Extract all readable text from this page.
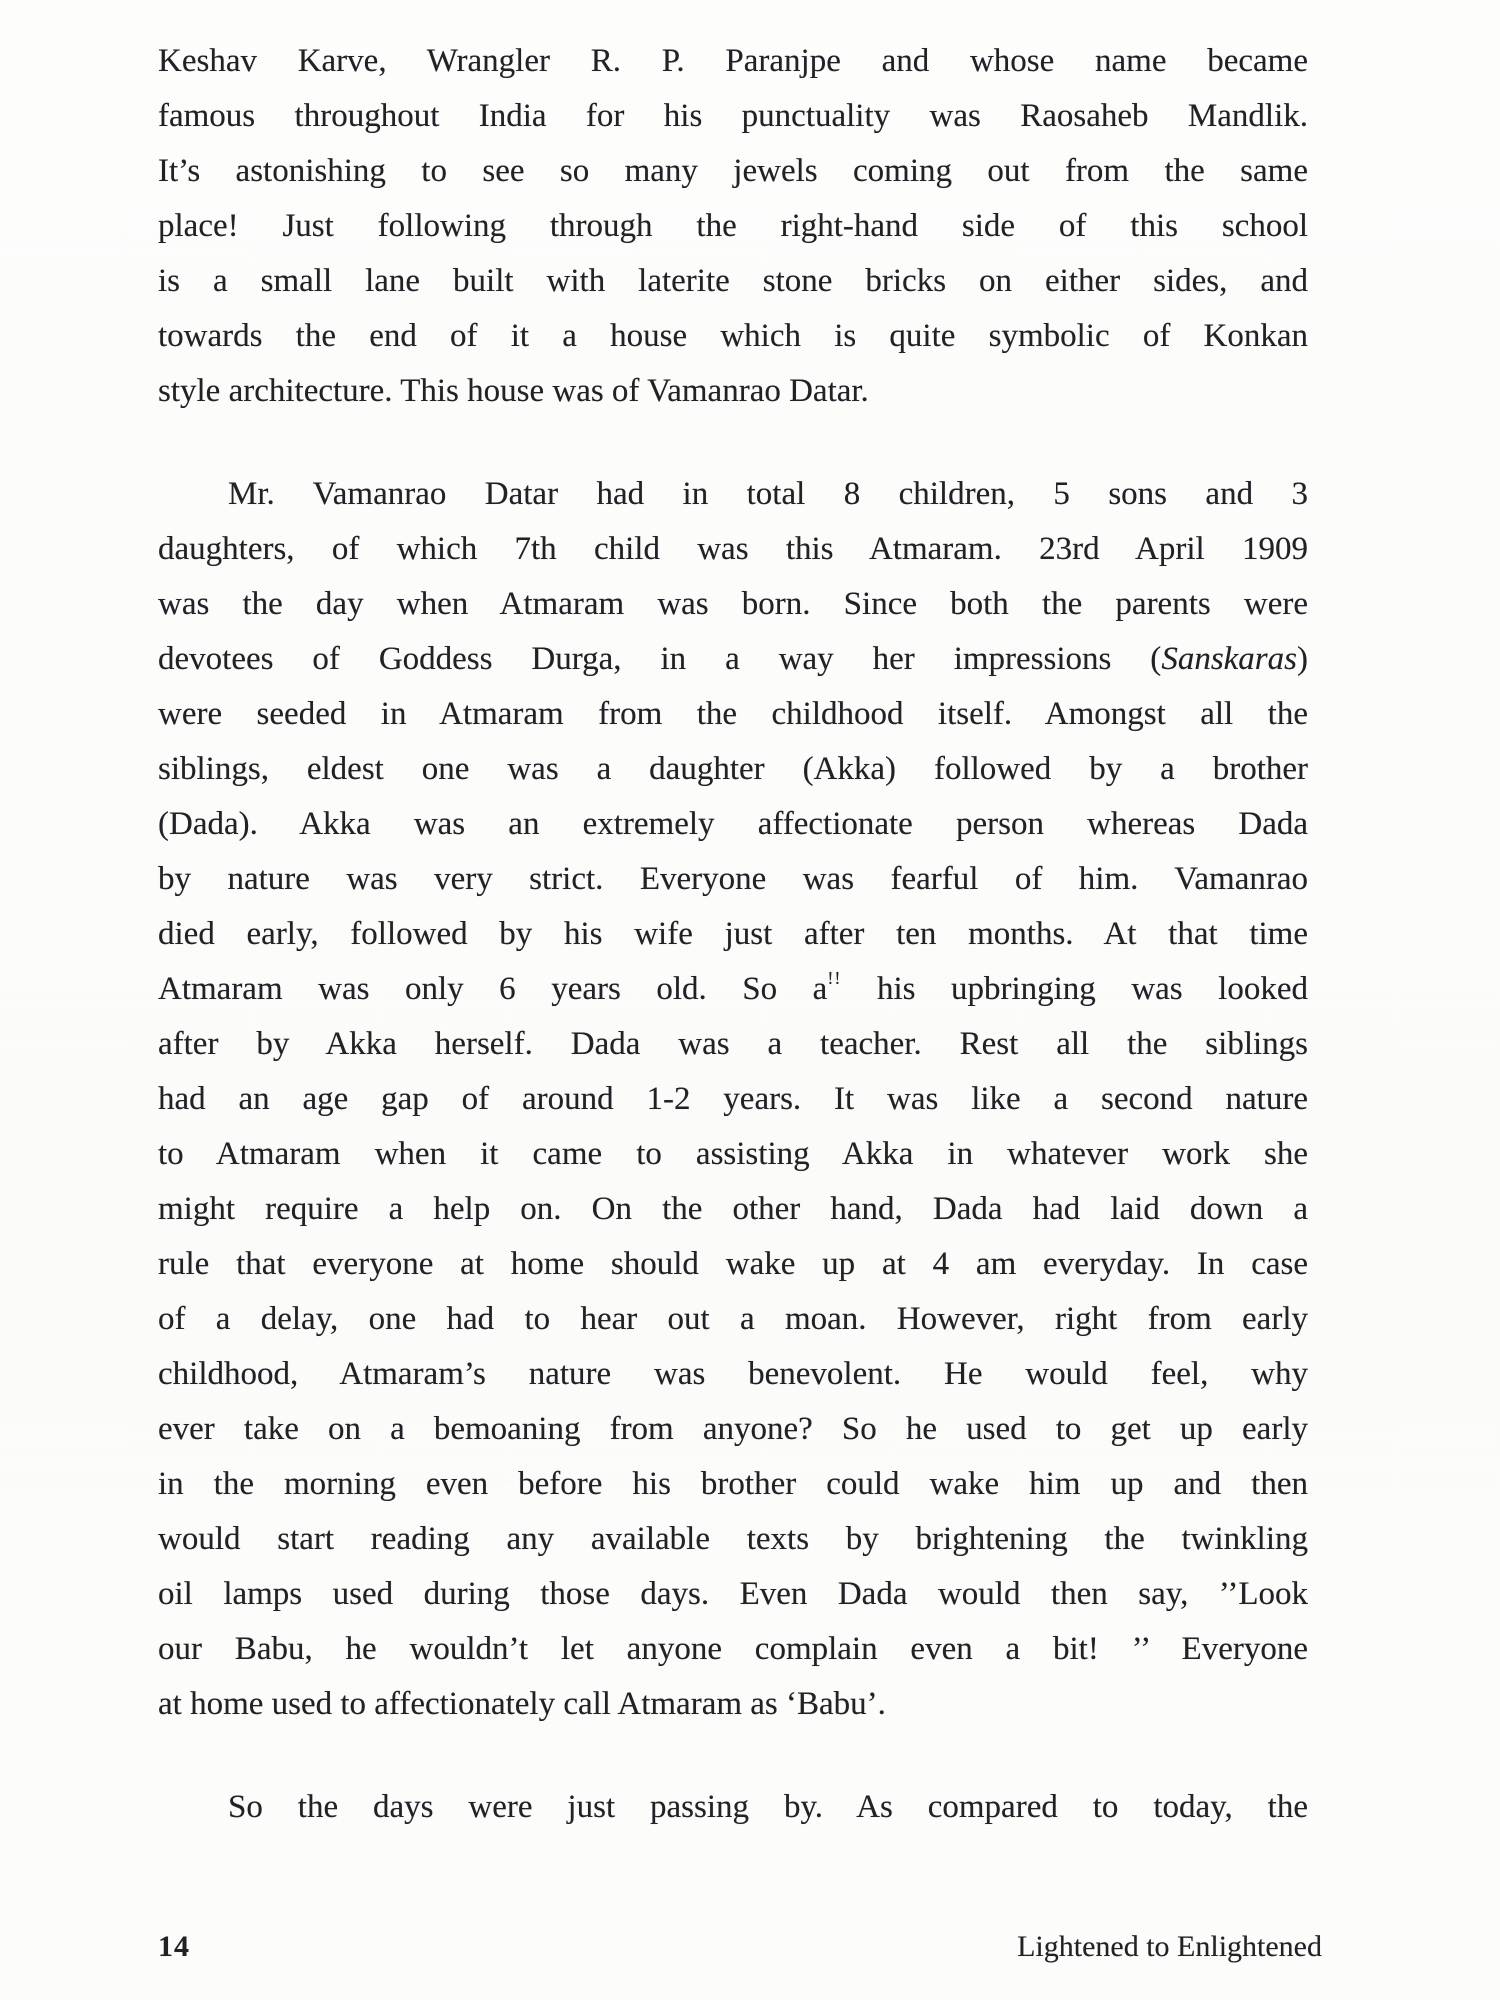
Keshav Karve, Wrangler R. P. Paranjpe and whose name became
famous throughout India for his punctuality was Raosaheb Mandlik.
It’s astonishing to see so many jewels coming out from the same
place! Just following through the right-hand side of this school
is a small lane built with laterite stone bricks on either sides, and
towards the end of it a house which is quite symbolic of Konkan
style architecture. This house was of Vamanrao Datar.
Mr. Vamanrao Datar had in total 8 children, 5 sons and 3
daughters, of which 7th child was this Atmaram. 23rd April 1909
was the day when Atmaram was born. Since both the parents were
devotees of Goddess Durga, in a way her impressions (Sanskaras)
were seeded in Atmaram from the childhood itself. Amongst all the
siblings, eldest one was a daughter (Akka) followed by a brother
(Dada). Akka was an extremely affectionate person whereas Dada
by nature was very strict. Everyone was fearful of him. Vamanrao
died early, followed by his wife just after ten months. At that time
Atmaram was only 6 years old. So a!! his upbringing was looked
after by Akka herself. Dada was a teacher. Rest all the siblings
had an age gap of around 1-2 years. It was like a second nature
to Atmaram when it came to assisting Akka in whatever work she
might require a help on. On the other hand, Dada had laid down a
rule that everyone at home should wake up at 4 am everyday. In case
of a delay, one had to hear out a moan. However, right from early
childhood, Atmaram’s nature was benevolent. He would feel, why
ever take on a bemoaning from anyone? So he used to get up early
in the morning even before his brother could wake him up and then
would start reading any available texts by brightening the twinkling
oil lamps used during those days. Even Dada would then say, ’’Look
our Babu, he wouldn’t let anyone complain even a bit! ’’ Everyone
at home used to affectionately call Atmaram as ‘Babu’.
So the days were just passing by. As compared to today, the
14	Lightened to Enlightened
